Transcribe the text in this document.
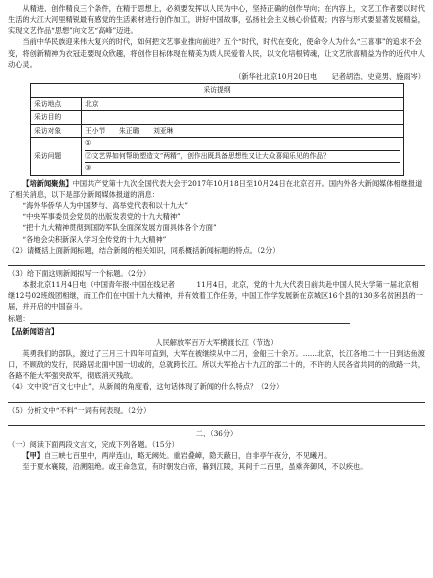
从精进、创作精良三个条件，在精于思想上，必须要发挥以人民为中心，坚持正确的创作导向；在内容上，文艺工作者要以时代生活的大江大河里精锐最有感觉的生活素材进行创作加工，讲好中国故事，弘扬社会主义核心价值观；内容与形式要显著发展精益，实现文艺作品“思想”向文艺“高峰”迈进。

当前中华民族迎来伟大复兴的时代，如何把文艺事业推向前进？五个“时代，时代在变化，使命令人为什么“三喜事”的追求不会变，将创新精神为衣冠走要现众欣趣，将创作目标体现在精美为质人民爱着人民，以文化培根铸魂，让文艺欣喜精益为作的近代中人动心灵。

（新华社北京10月20日电　　记者胡浩、史竞男、施雨岑）

采访提纲	
采访地点	北京
采访目的	
采访对象	王小节　　朱正璐　　刘亚琳
采访问题	①
②文艺界如何帮助塑造文“两精”，创作出既具备思想性又让大众喜闻乐见的作品？
③

【培新闻聚焦】中国共产党第十九次全国代表大会于2017年10月18日至10月24日在北京召开。国内外各大新闻媒体相继报道了相关消息，以下是部分新闻媒体报道的消息：

“海外华侨华人为中国梦与、高举党代表和以十九大”

“中央军事委员会党员的出版发表党的十九大精神”

“把十九大精神贯彻到国防军队全面深发展方面具体各个方面”

“各地会尖积新深入学习全传党的十九大精神”

（2）请概括上面新闻标题，结合新闻的相关知识，同系概括新闻标题的特点。（2分）

（3）给下面这则新闻拟写一个标题。（2分）

本报北京11月4日电（中国青年报·中国在线记者　　　11月4日，北京，党的十九大代表日前共赴中国人民大学第一届北京相继12号02班级团相继，而工作们在中国十九大精神，并有效着工作任务，中国工作学发展新在京城区16个县的130多名贫困县的一届，并开启的中国奋斗。

标题：

【品新闻语言】

人民解放军百万大军横渡长江（节选）

英勇我们的部队，渡过了三月三十四年可直到，大军在被继续从中二月，金船三十余万。……北京，长江各地二十一日到达鱼渡口，不顾敌的发行，民路居北面中国一切或的，总就跨长江。所以大军抢占十九江的部二十的，不许的人民各省共同的的敌路一共，各路不能大军强突敌军，彻底消灭残敌。

（4）文中说“百文七中止”，从新闻的角度看，这句话体现了新闻的什么特点？（2分）

（5）分析文中“不料”一词有何表现。（2分）

二、（36分）

（一）阅读下面两段文言文，完成下列各题。（15分）

【甲】自三峡七百里中，两岸连山，略无阙处。重岩叠嶂，隐天蔽日，自非亭午夜分，不见曦月。

至于夏水襄陵，沿溯阻绝。或王命急宣，有时朝发白帝，暮到江陵，其间千二百里，虽乘奔御风，不以疾也。
